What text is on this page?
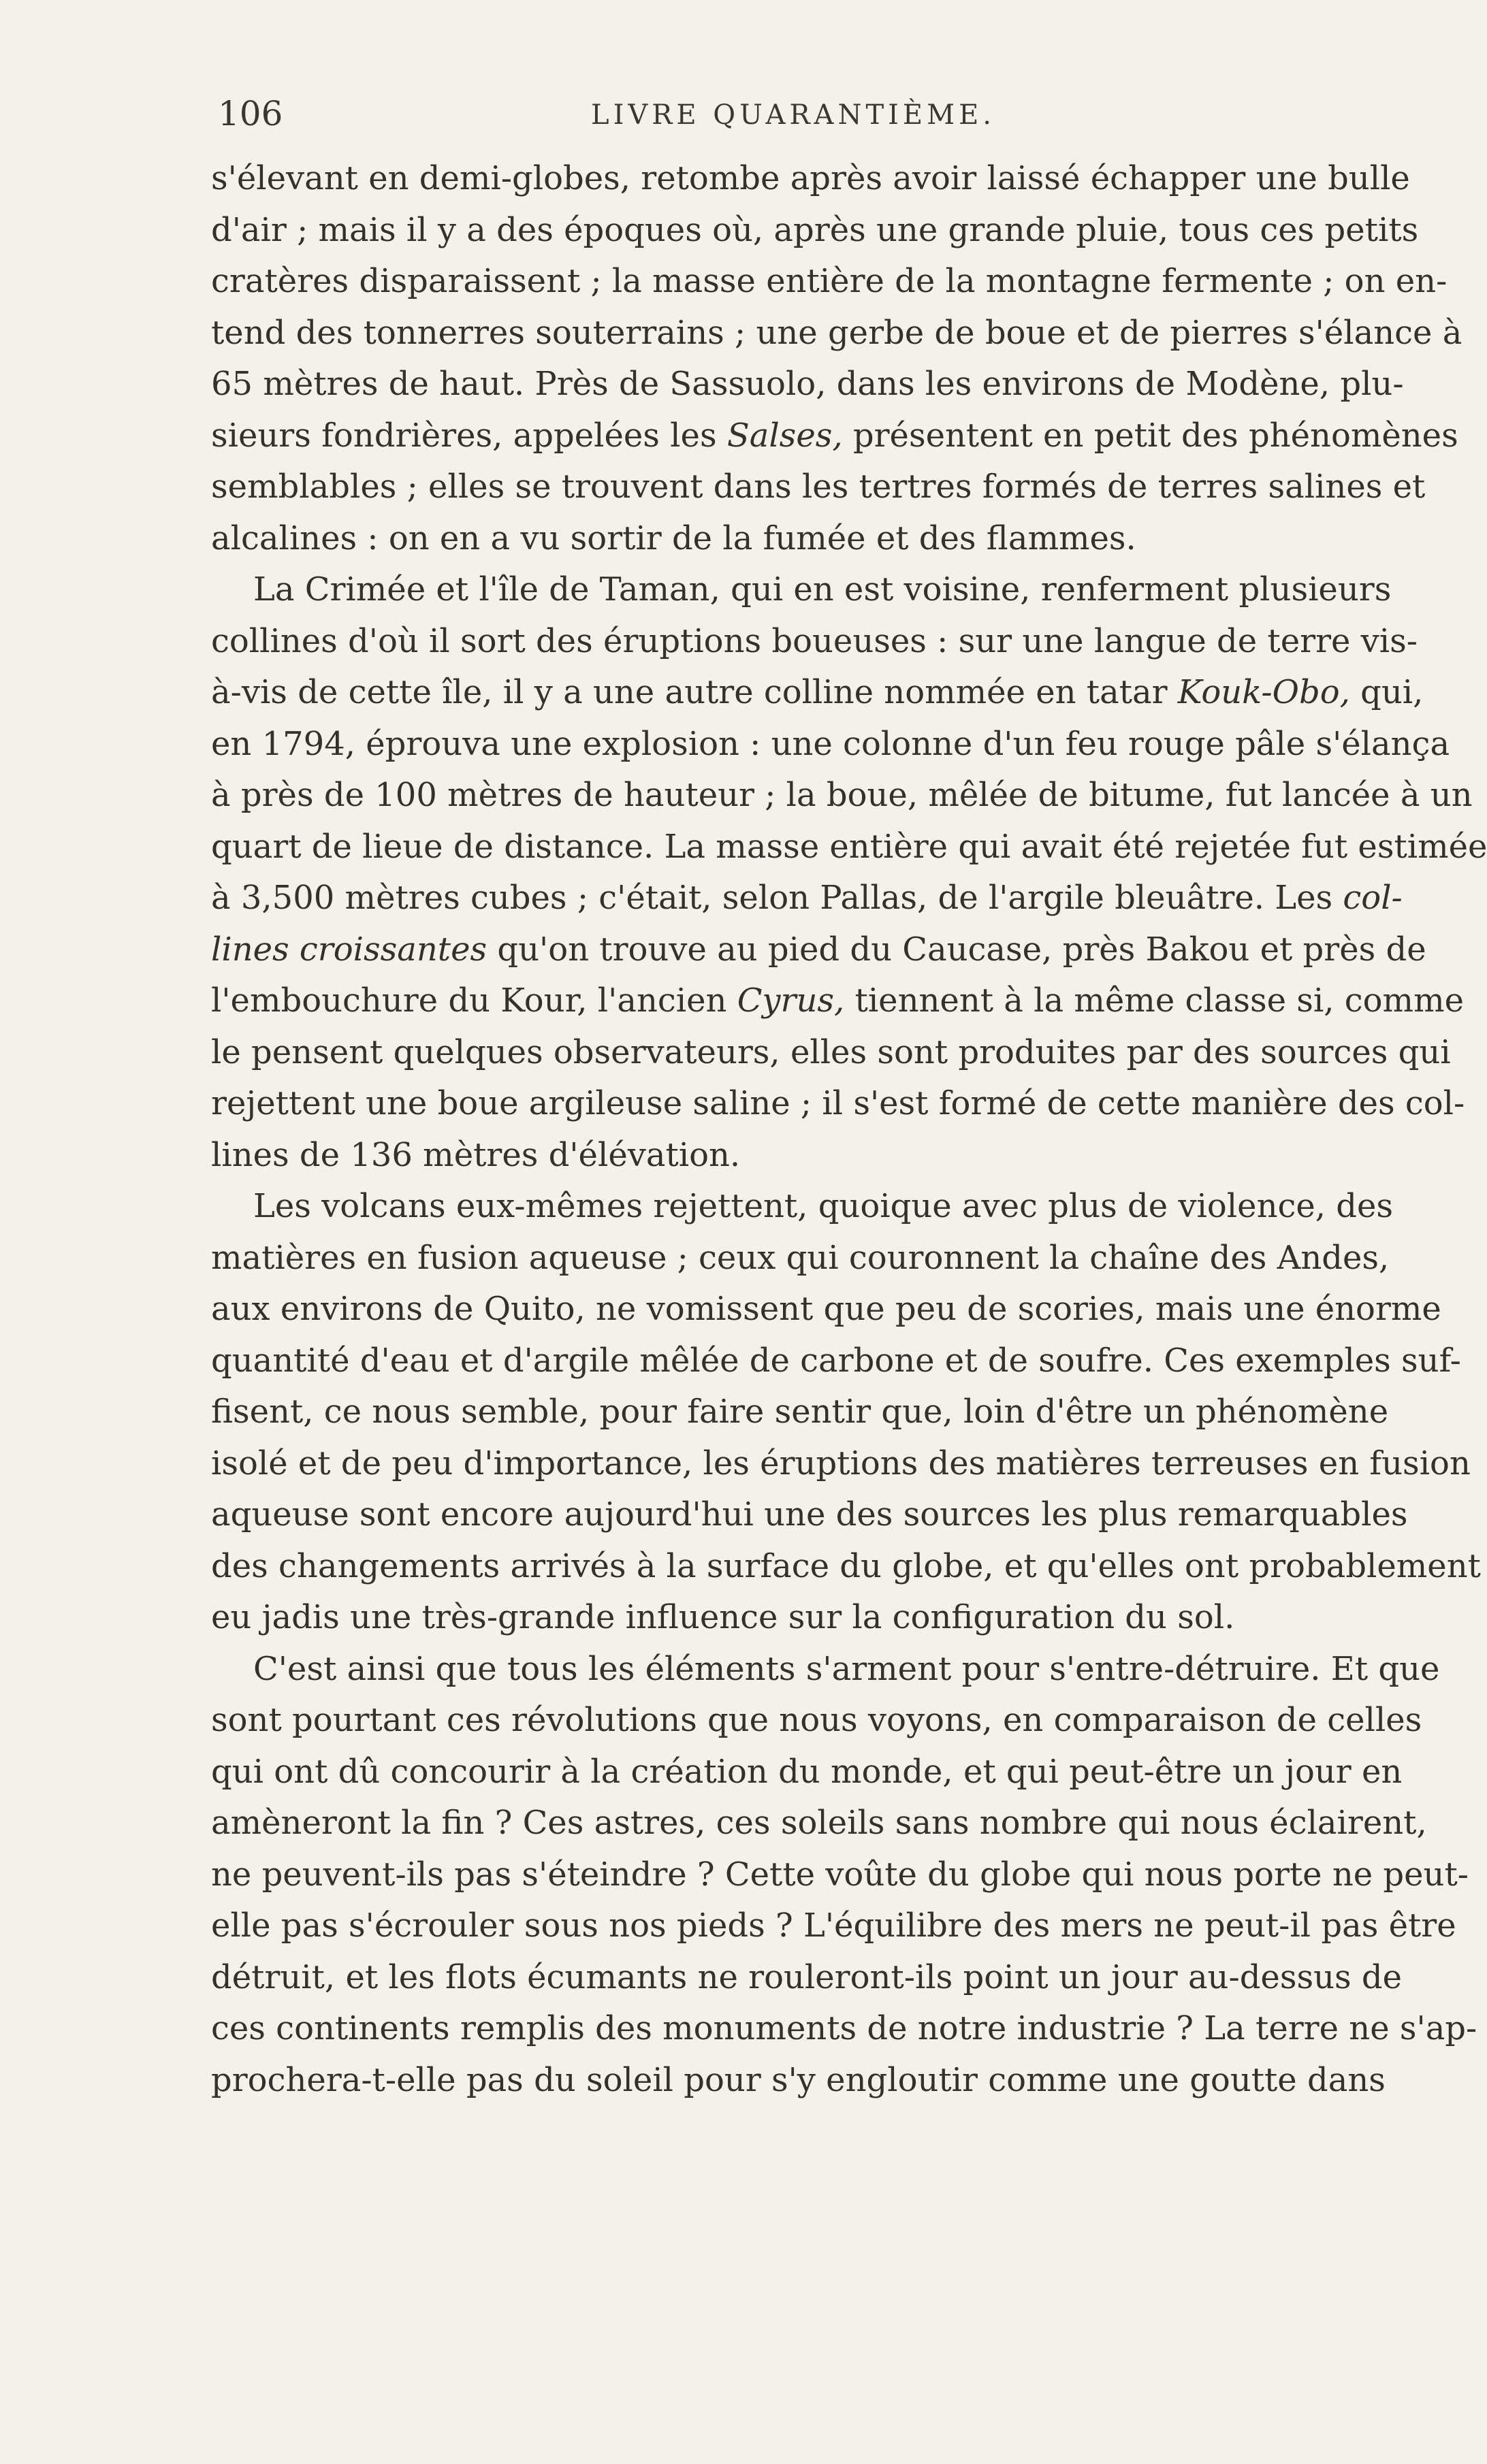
106	LIVRE QUARANTIÈME.
s'élevant en demi-globes, retombe après avoir laissé échapper une bulle
d'air ; mais il y a des époques où, après une grande pluie, tous ces petits
cratères disparaissent ; la masse entière de la montagne fermente ; on en-
tend des tonnerres souterrains ; une gerbe de boue et de pierres s'élance à
65 mètres de haut. Près de Sassuolo, dans les environs de Modène, plu-
sieurs fondrières, appelées les Salses, présentent en petit des phénomènes
semblables ; elles se trouvent dans les tertres formés de terres salines et
alcalines : on en a vu sortir de la fumée et des flammes.
La Crimée et l'île de Taman, qui en est voisine, renferment plusieurs
collines d'où il sort des éruptions boueuses : sur une langue de terre vis-
à-vis de cette île, il y a une autre colline nommée en tatar Kouk-Obo, qui,
en 1794, éprouva une explosion : une colonne d'un feu rouge pâle s'élança
à près de 100 mètres de hauteur ; la boue, mêlée de bitume, fut lancée à un
quart de lieue de distance. La masse entière qui avait été rejetée fut estimée
à 3,500 mètres cubes ; c'était, selon Pallas, de l'argile bleuâtre. Les col-
lines croissantes qu'on trouve au pied du Caucase, près Bakou et près de
l'embouchure du Kour, l'ancien Cyrus, tiennent à la même classe si, comme
le pensent quelques observateurs, elles sont produites par des sources qui
rejettent une boue argileuse saline ; il s'est formé de cette manière des col-
lines de 136 mètres d'élévation.
Les volcans eux-mêmes rejettent, quoique avec plus de violence, des
matières en fusion aqueuse ; ceux qui couronnent la chaîne des Andes,
aux environs de Quito, ne vomissent que peu de scories, mais une énorme
quantité d'eau et d'argile mêlée de carbone et de soufre. Ces exemples suf-
fisent, ce nous semble, pour faire sentir que, loin d'être un phénomène
isolé et de peu d'importance, les éruptions des matières terreuses en fusion
aqueuse sont encore aujourd'hui une des sources les plus remarquables
des changements arrivés à la surface du globe, et qu'elles ont probablement
eu jadis une très-grande influence sur la configuration du sol.
C'est ainsi que tous les éléments s'arment pour s'entre-détruire. Et que
sont pourtant ces révolutions que nous voyons, en comparaison de celles
qui ont dû concourir à la création du monde, et qui peut-être un jour en
amèneront la fin ? Ces astres, ces soleils sans nombre qui nous éclairent,
ne peuvent-ils pas s'éteindre ? Cette voûte du globe qui nous porte ne peut-
elle pas s'écrouler sous nos pieds ? L'équilibre des mers ne peut-il pas être
détruit, et les flots écumants ne rouleront-ils point un jour au-dessus de
ces continents remplis des monuments de notre industrie ? La terre ne s'ap-
prochera-t-elle pas du soleil pour s'y engloutir comme une goutte dans
